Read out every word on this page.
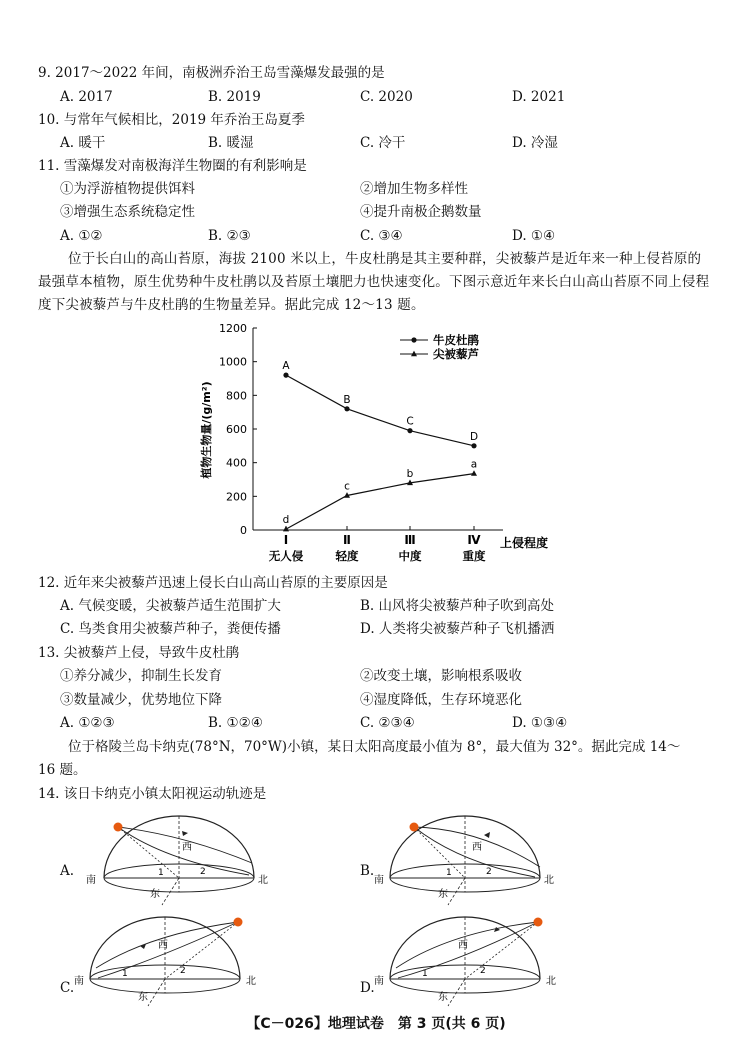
9. 2017～2022 年间，南极洲乔治王岛雪藻爆发最强的是
A. 2017	B. 2019	C. 2020	D. 2021
10. 与常年气候相比，2019 年乔治王岛夏季
A. 暖干	B. 暖湿	C. 冷干	D. 冷湿
11. 雪藻爆发对南极海洋生物圈的有利影响是
①为浮游植物提供饵料	②增加生物多样性
③增强生态系统稳定性	④提升南极企鹅数量
A. ①②	B. ②③	C. ③④	D. ①④
位于长白山的高山苔原，海拔 2100 米以上，牛皮杜鹃是其主要种群，尖被藜芦是近年来一种上侵苔原的最强草本植物，原生优势种牛皮杜鹃以及苔原土壤肥力也快速变化。下图示意近年来长白山高山苔原不同上侵程度下尖被藜芦与牛皮杜鹃的生物量差异。据此完成 12～13 题。
0
200
400
600
800
1000
1200
Ⅰ
无人侵
Ⅱ
轻度
Ⅲ
中度
Ⅳ
重度
A
B
C
D
d
c
b
a
牛皮杜鹃
尖被藜芦
植物生物量/(g/m²)
上侵程度
12. 近年来尖被藜芦迅速上侵长白山高山苔原的主要原因是
A. 气候变暖，尖被藜芦适生范围扩大	B. 山风将尖被藜芦种子吹到高处
C. 鸟类食用尖被藜芦种子，粪便传播	D. 人类将尖被藜芦种子飞机播洒
13. 尖被藜芦上侵，导致牛皮杜鹃
①养分减少，抑制生长发育	②改变土壤，影响根系吸收
③数量减少，优势地位下降	④湿度降低，生存环境恶化
A. ①②③	B. ①②④	C. ②③④	D. ①③④
位于格陵兰岛卡纳克(78°N，70°W)小镇，某日太阳高度最小值为 8°，最大值为 32°。据此完成 14～
16 题。
14. 该日卡纳克小镇太阳视运动轨迹是
南	北
西
东
1	2
A.
南	北
西
东
1	2
B.
南	北
西
东
1	2
C.	南	北
西
东
1	2
D.
【C－026】地理试卷　第 3 页(共 6 页)
